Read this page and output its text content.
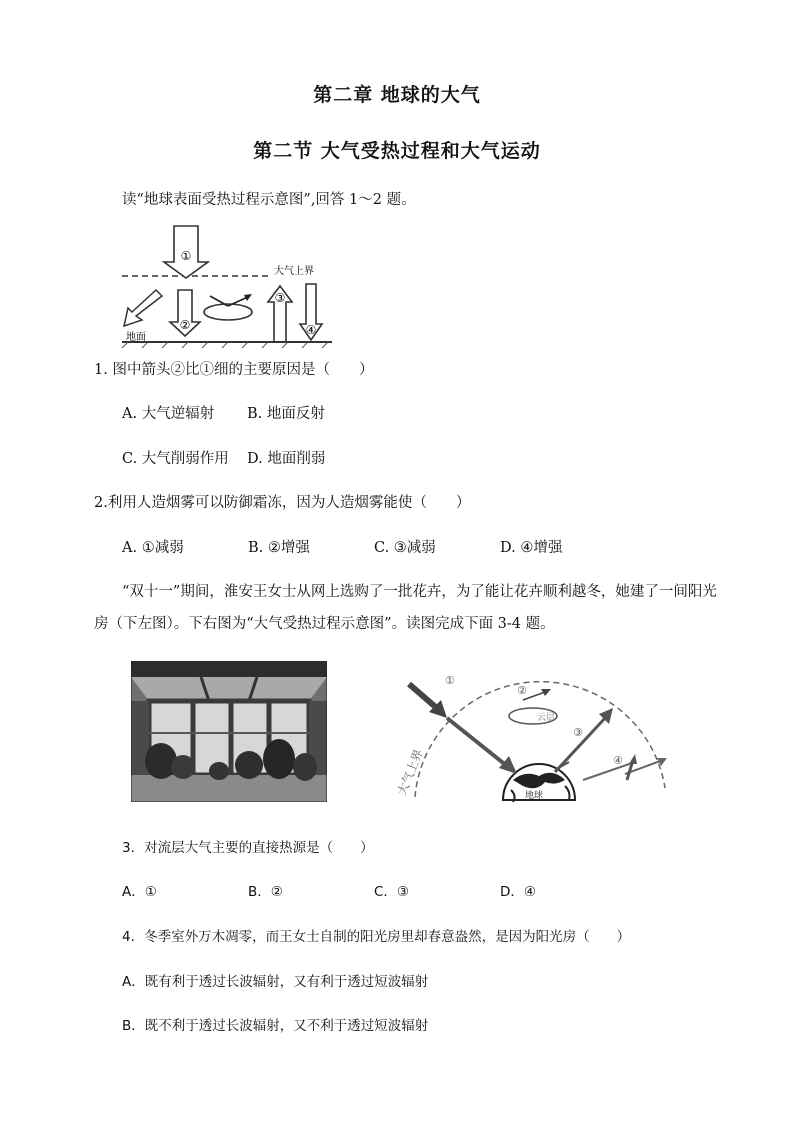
第二章 地球的大气
第二节 大气受热过程和大气运动
读“地球表面受热过程示意图”,回答 1～2 题。
①
②
③
④
大气上界
地面
1. 图中箭头②比①细的主要原因是（　　）
A. 大气逆辐射 B. 地面反射
C. 大气削弱作用 D. 地面削弱
2.利用人造烟雾可以防御霜冻，因为人造烟雾能使（　　）
A. ①减弱	B. ②增强	C. ③减弱	D. ④增强
“双十一”期间，淮安王女士从网上选购了一批花卉，为了能让花卉顺利越冬，她建了一间阳光
房（下左图）。下右图为“大气受热过程示意图”。读图完成下面 3-4 题。
云层
①
②
③
④
地球
大气上界
3．对流层大气主要的直接热源是（　　）
A．①	B．②	C．③	D．④
4．冬季室外万木凋零，而王女士自制的阳光房里却春意盎然，是因为阳光房（　　）
A．既有利于透过长波辐射，又有利于透过短波辐射
B．既不利于透过长波辐射，又不利于透过短波辐射
